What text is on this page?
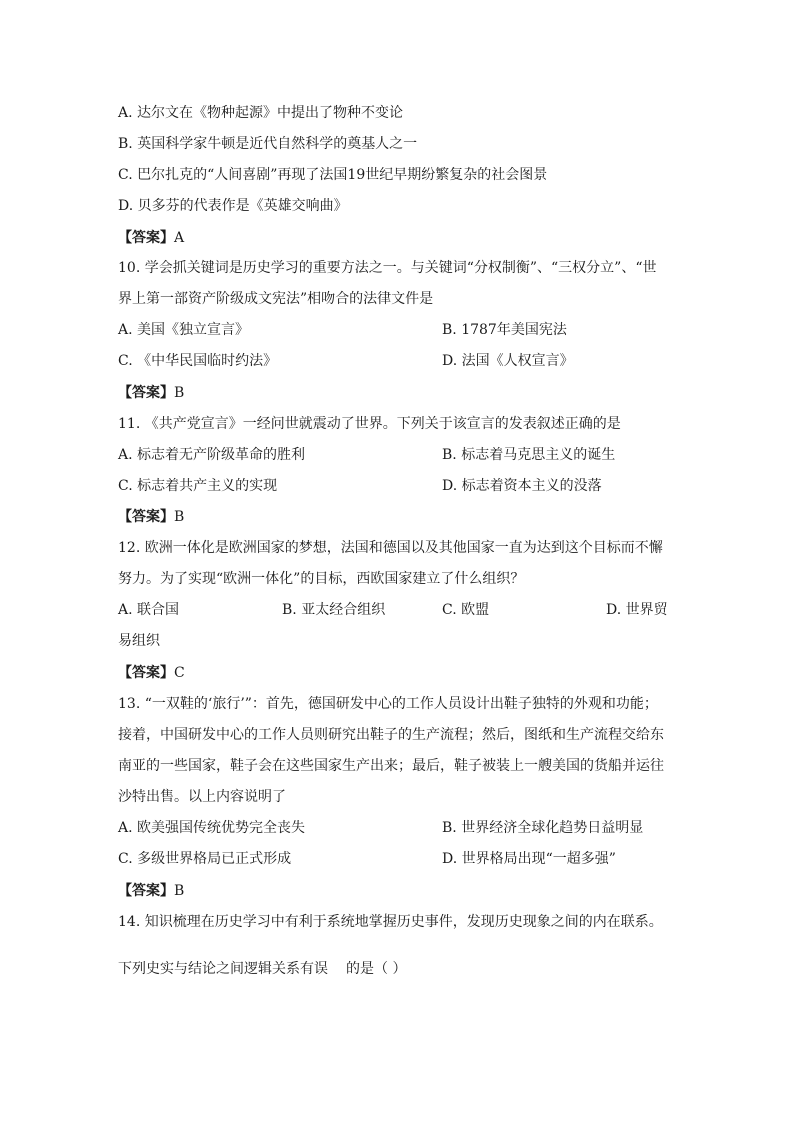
A. 达尔文在《物种起源》中提出了物种不变论
B. 英国科学家牛顿是近代自然科学的奠基人之一
C. 巴尔扎克的“人间喜剧”再现了法国19世纪早期纷繁复杂的社会图景
D. 贝多芬的代表作是《英雄交响曲》
【答案】A
10. 学会抓关键词是历史学习的重要方法之一。与关键词“分权制衡”、“三权分立”、“世
界上第一部资产阶级成文宪法”相吻合的法律文件是
A. 美国《独立宣言》	B. 1787年美国宪法
C. 《中华民国临时约法》	D. 法国《人权宣言》
【答案】B
11. 《共产党宣言》一经问世就震动了世界。下列关于该宣言的发表叙述正确的是
A. 标志着无产阶级革命的胜利	B. 标志着马克思主义的诞生
C. 标志着共产主义的实现	D. 标志着资本主义的没落
【答案】B
12. 欧洲一体化是欧洲国家的梦想，法国和德国以及其他国家一直为达到这个目标而不懈
努力。为了实现“欧洲一体化”的目标，西欧国家建立了什么组织？
A. 联合国	B. 亚太经合组织	C. 欧盟	D. 世界贸
易组织
【答案】C
13. “一双鞋的‘旅行’”：首先，德国研发中心的工作人员设计出鞋子独特的外观和功能；
接着，中国研发中心的工作人员则研究出鞋子的生产流程；然后，图纸和生产流程交给东
南亚的一些国家，鞋子会在这些国家生产出来；最后，鞋子被装上一艘美国的货船并运往
沙特出售。以上内容说明了
A. 欧美强国传统优势完全丧失	B. 世界经济全球化趋势日益明显
C. 多级世界格局已正式形成	D. 世界格局出现“一超多强”
【答案】B
14. 知识梳理在历史学习中有利于系统地掌握历史事件，发现历史现象之间的内在联系。
下列史实与结论之间逻辑关系有误 的是（ ）
